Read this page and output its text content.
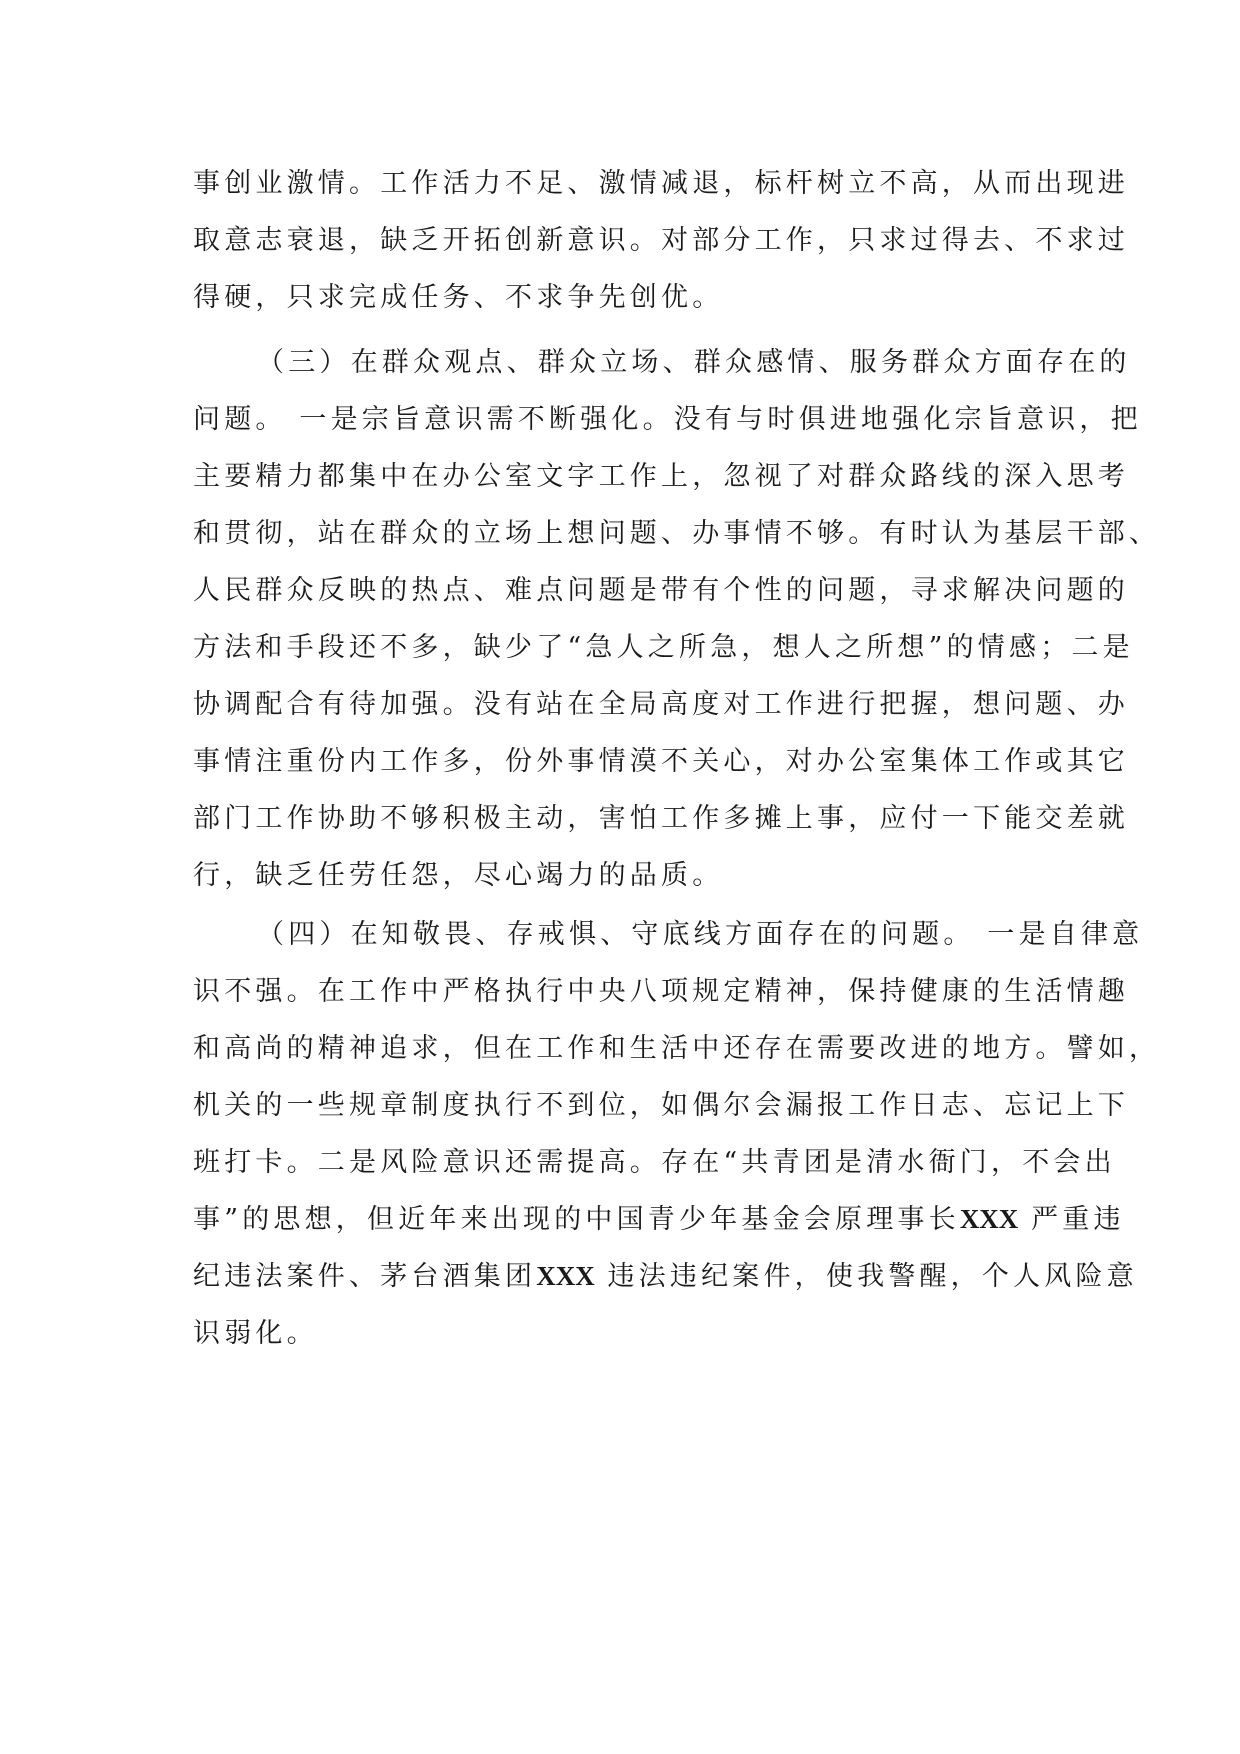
事创业激情。工作活力不足、激情减退，标杆树立不高，从而出现进
取意志衰退，缺乏开拓创新意识。对部分工作，只求过得去、不求过
得硬，只求完成任务、不求争先创优。
（三）在群众观点、群众立场、群众感情、服务群众方面存在的
问题。 一是宗旨意识需不断强化。没有与时俱进地强化宗旨意识，把
主要精力都集中在办公室文字工作上，忽视了对群众路线的深入思考
和贯彻，站在群众的立场上想问题、办事情不够。有时认为基层干部、
人民群众反映的热点、难点问题是带有个性的问题，寻求解决问题的
方法和手段还不多，缺少了“急人之所急，想人之所想”的情感；二是
协调配合有待加强。没有站在全局高度对工作进行把握，想问题、办
事情注重份内工作多，份外事情漠不关心，对办公室集体工作或其它
部门工作协助不够积极主动，害怕工作多摊上事，应付一下能交差就
行，缺乏任劳任怨，尽心竭力的品质。
（四）在知敬畏、存戒惧、守底线方面存在的问题。 一是自律意
识不强。在工作中严格执行中央八项规定精神，保持健康的生活情趣
和高尚的精神追求，但在工作和生活中还存在需要改进的地方。譬如，
机关的一些规章制度执行不到位，如偶尔会漏报工作日志、忘记上下
班打卡。二是风险意识还需提高。存在“共青团是清水衙门，不会出
事”的思想，但近年来出现的中国青少年基金会原理事长XXX 严重违
纪违法案件、茅台酒集团XXX 违法违纪案件，使我警醒，个人风险意
识弱化。
